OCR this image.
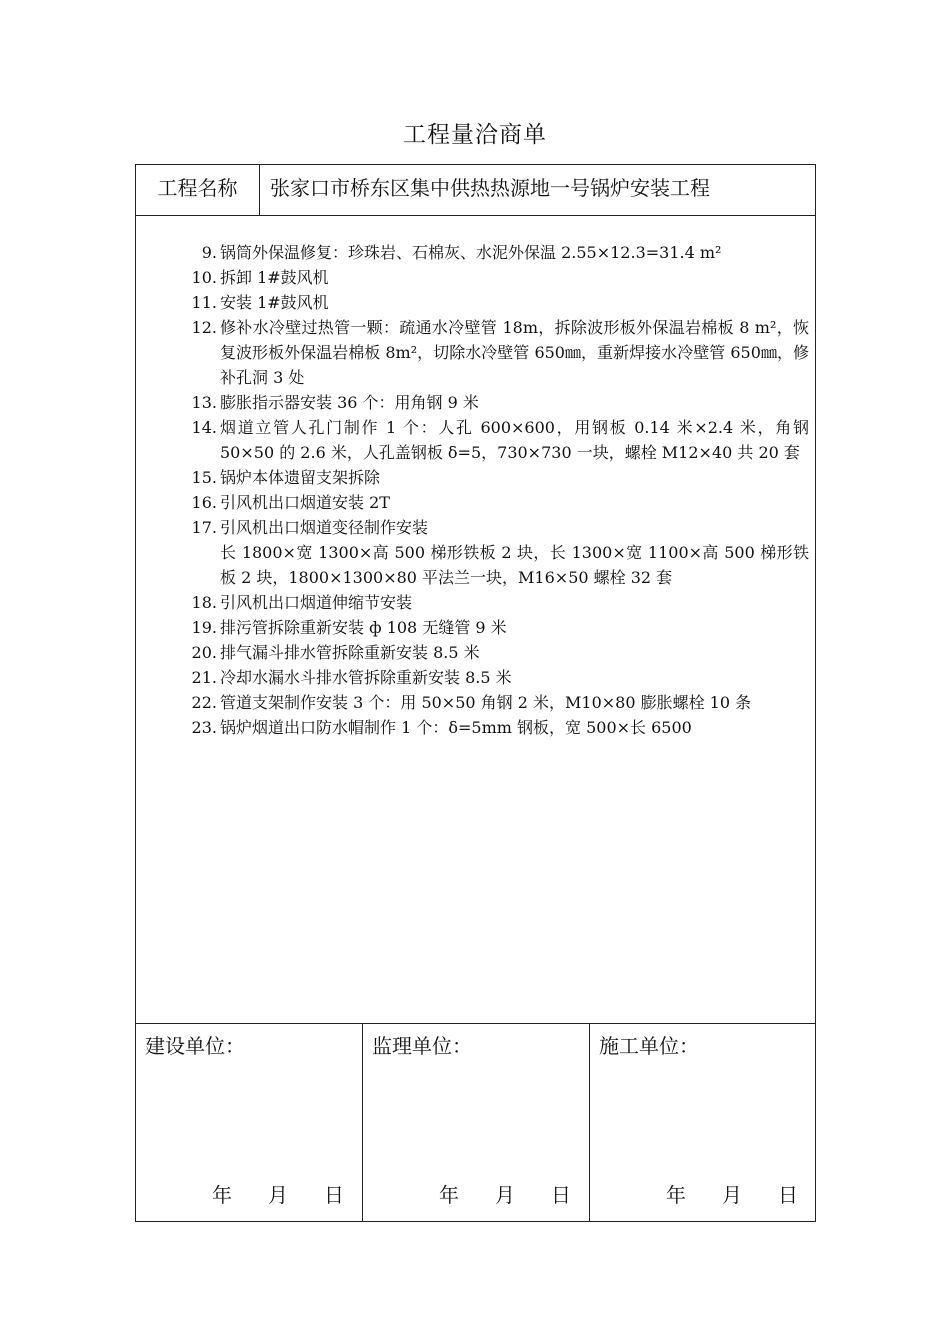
工程量洽商单
工程名称	张家口市桥东区集中供热热源地一号锅炉安装工程
9. 锅筒外保温修复：珍珠岩、石棉灰、水泥外保温 2.55×12.3=31.4 m²
10. 拆卸 1#鼓风机
11. 安装 1#鼓风机
12. 修补水冷壁过热管一颗：疏通水冷壁管 18m，拆除波形板外保温岩棉板 8 m²，恢复波形板外保温岩棉板 8m²，切除水冷壁管 650㎜，重新焊接水冷壁管 650㎜，修补孔洞 3 处
13. 膨胀指示器安装 36 个：用角钢 9 米
14. 烟道立管人孔门制作 1 个：人孔 600×600，用钢板 0.14 米×2.4 米，角钢 50×50 的 2.6 米，人孔盖钢板 δ=5，730×730 一块，螺栓 M12×40 共 20 套
15. 锅炉本体遗留支架拆除
16. 引风机出口烟道安装 2T
17. 引风机出口烟道变径制作安装
长 1800×宽 1300×高 500 梯形铁板 2 块，长 1300×宽 1100×高 500 梯形铁板 2 块，1800×1300×80 平法兰一块，M16×50 螺栓 32 套
18. 引风机出口烟道伸缩节安装
19. 排污管拆除重新安装 ф 108 无缝管 9 米
20. 排气漏斗排水管拆除重新安装 8.5 米
21. 冷却水漏水斗排水管拆除重新安装 8.5 米
22. 管道支架制作安装 3 个：用 50×50 角钢 2 米，M10×80 膨胀螺栓 10 条
23. 锅炉烟道出口防水帽制作 1 个：δ=5mm 钢板，宽 500×长 6500
建设单位：
年 月 日
监理单位：
年 月 日
施工单位：
年 月 日
